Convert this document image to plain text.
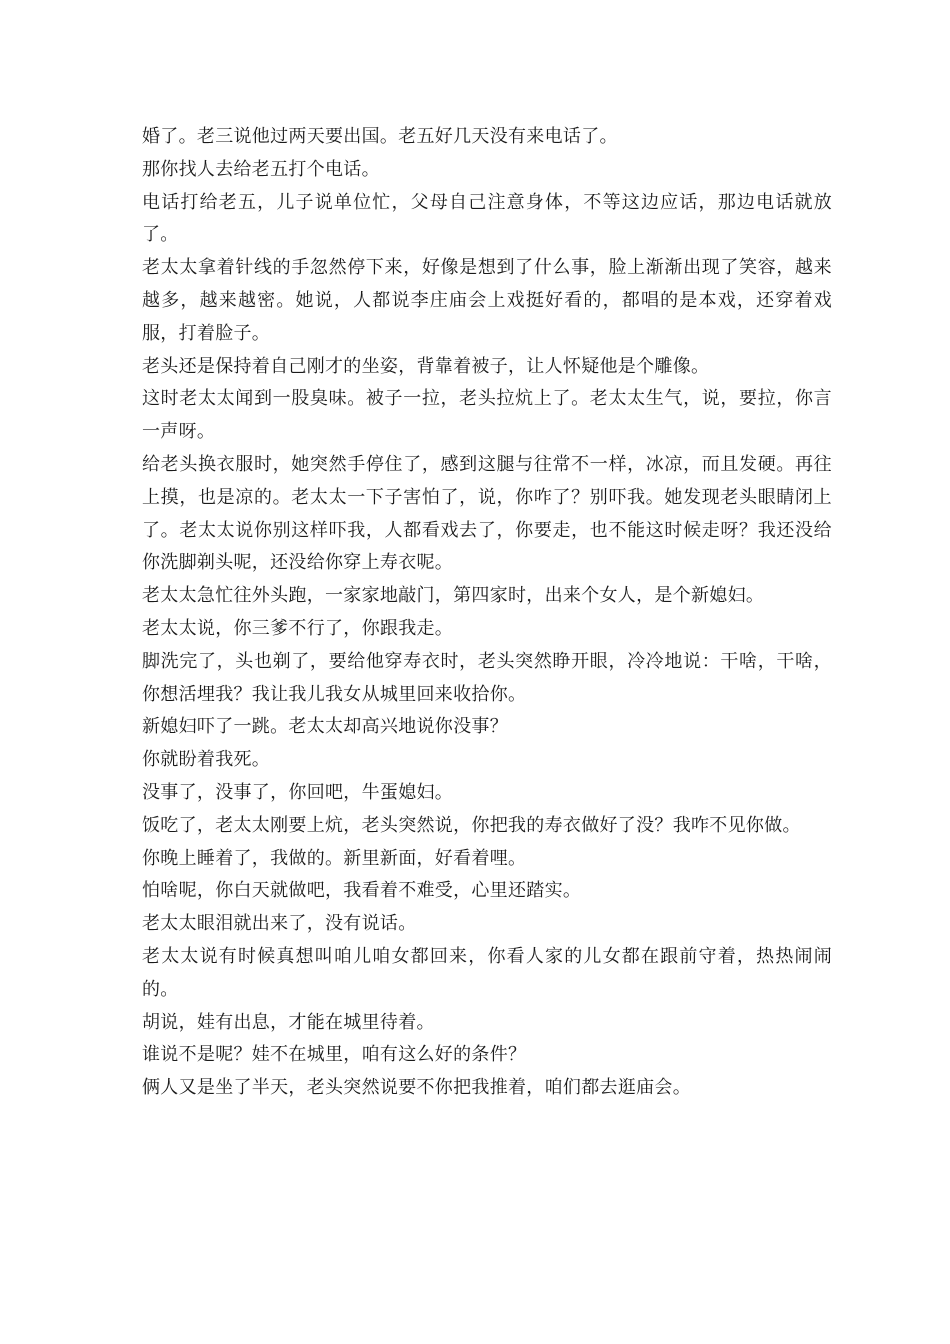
婚了。老三说他过两天要出国。老五好几天没有来电话了。

那你找人去给老五打个电话。

电话打给老五，儿子说单位忙，父母自己注意身体，不等这边应话，那边电话就放了。

老太太拿着针线的手忽然停下来，好像是想到了什么事，脸上渐渐出现了笑容，越来越多，越来越密。她说，人都说李庄庙会上戏挺好看的，都唱的是本戏，还穿着戏服，打着脸子。

老头还是保持着自己刚才的坐姿，背靠着被子，让人怀疑他是个雕像。

这时老太太闻到一股臭味。被子一拉，老头拉炕上了。老太太生气，说，要拉，你言一声呀。

给老头换衣服时，她突然手停住了，感到这腿与往常不一样，冰凉，而且发硬。再往上摸，也是凉的。老太太一下子害怕了，说，你咋了？别吓我。她发现老头眼睛闭上了。老太太说你别这样吓我，人都看戏去了，你要走，也不能这时候走呀？我还没给你洗脚剃头呢，还没给你穿上寿衣呢。

老太太急忙往外头跑，一家家地敲门，第四家时，出来个女人，是个新媳妇。

老太太说，你三爹不行了，你跟我走。

脚洗完了，头也剃了，要给他穿寿衣时，老头突然睁开眼，冷冷地说：干啥，干啥，你想活埋我？我让我儿我女从城里回来收拾你。

新媳妇吓了一跳。老太太却高兴地说你没事？

你就盼着我死。

没事了，没事了，你回吧，牛蛋媳妇。

饭吃了，老太太刚要上炕，老头突然说，你把我的寿衣做好了没？我咋不见你做。

你晚上睡着了，我做的。新里新面，好看着哩。

怕啥呢，你白天就做吧，我看着不难受，心里还踏实。

老太太眼泪就出来了，没有说话。

老太太说有时候真想叫咱儿咱女都回来，你看人家的儿女都在跟前守着，热热闹闹的。

胡说，娃有出息，才能在城里待着。

谁说不是呢？娃不在城里，咱有这么好的条件？

俩人又是坐了半天，老头突然说要不你把我推着，咱们都去逛庙会。
